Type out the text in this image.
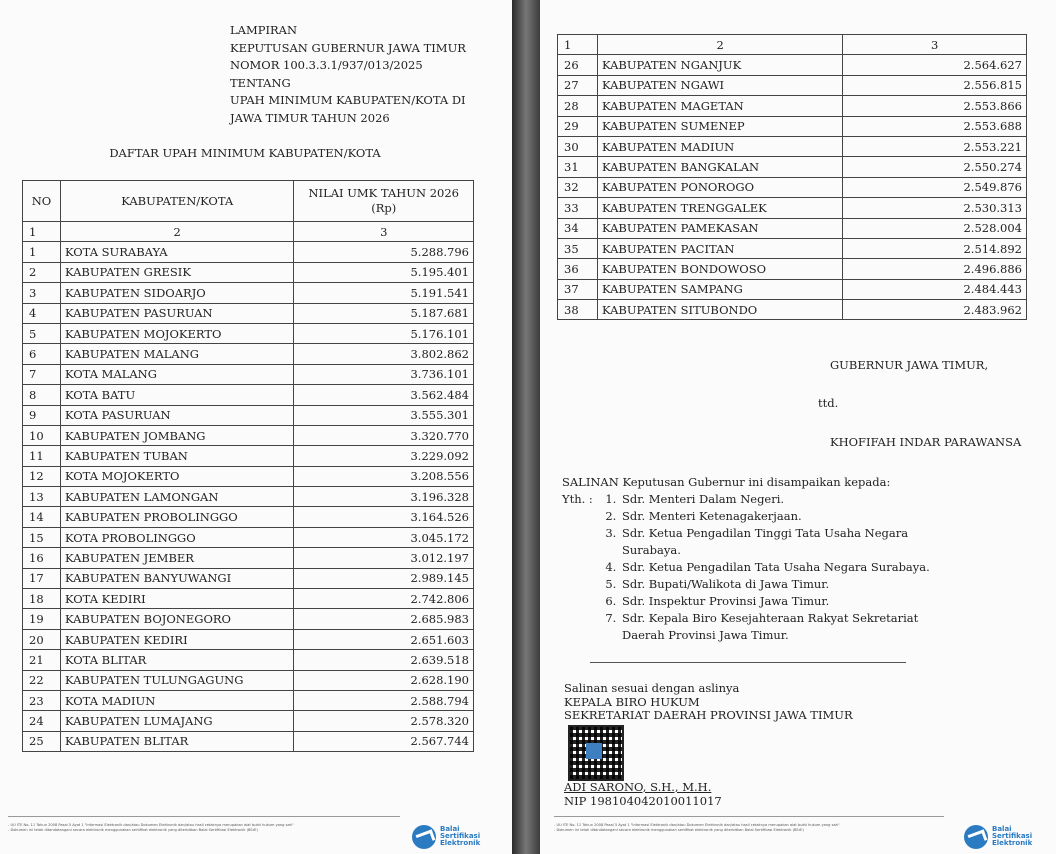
LAMPIRAN
KEPUTUSAN GUBERNUR JAWA TIMUR
NOMOR 100.3.3.1/937/013/2025
TENTANG
UPAH MINIMUM KABUPATEN/KOTA DI
JAWA TIMUR TAHUN 2026
DAFTAR UPAH MINIMUM KABUPATEN/KOTA
NO	KABUPATEN/KOTA	NILAI UMK TAHUN 2026
(Rp)

1	2	3
1	KOTA SURABAYA	5.288.796
2	KABUPATEN GRESIK	5.195.401
3	KABUPATEN SIDOARJO	5.191.541
4	KABUPATEN PASURUAN	5.187.681
5	KABUPATEN MOJOKERTO	5.176.101
6	KABUPATEN MALANG	3.802.862
7	KOTA MALANG	3.736.101
8	KOTA BATU	3.562.484
9	KOTA PASURUAN	3.555.301
10	KABUPATEN JOMBANG	3.320.770
11	KABUPATEN TUBAN	3.229.092
12	KOTA MOJOKERTO	3.208.556
13	KABUPATEN LAMONGAN	3.196.328
14	KABUPATEN PROBOLINGGO	3.164.526
15	KOTA PROBOLINGGO	3.045.172
16	KABUPATEN JEMBER	3.012.197
17	KABUPATEN BANYUWANGI	2.989.145
18	KOTA KEDIRI	2.742.806
19	KABUPATEN BOJONEGORO	2.685.983
20	KABUPATEN KEDIRI	2.651.603
21	KOTA BLITAR	2.639.518
22	KABUPATEN TULUNGAGUNG	2.628.190
23	KOTA MADIUN	2.588.794
24	KABUPATEN LUMAJANG	2.578.320
25	KABUPATEN BLITAR	2.567.744
- UU ITE No. 11 Tahun 2008 Pasal 5 Ayat 1 "Informasi Elektronik dan/atau Dokumen Elektronik dan/atau hasil cetaknya merupakan alat bukti hukum yang sah"
- Dokumen ini telah ditandatangani secara elektronik menggunakan sertifikat elektronik yang diterbitkan Balai Sertifikasi Elektronik (BSrE)	Balai
Sertifikasi
Elektronik
1	2	3
26	KABUPATEN NGANJUK	2.564.627
27	KABUPATEN NGAWI	2.556.815
28	KABUPATEN MAGETAN	2.553.866
29	KABUPATEN SUMENEP	2.553.688
30	KABUPATEN MADIUN	2.553.221
31	KABUPATEN BANGKALAN	2.550.274
32	KABUPATEN PONOROGO	2.549.876
33	KABUPATEN TRENGGALEK	2.530.313
34	KABUPATEN PAMEKASAN	2.528.004
35	KABUPATEN PACITAN	2.514.892
36	KABUPATEN BONDOWOSO	2.496.886
37	KABUPATEN SAMPANG	2.484.443
38	KABUPATEN SITUBONDO	2.483.962
GUBERNUR JAWA TIMUR,
ttd.
KHOFIFAH INDAR PARAWANSA
SALINAN Keputusan Gubernur ini disampaikan kepada:
Yth. :	1. Sdr. Menteri Dalam Negeri.
2. Sdr. Menteri Ketenagakerjaan.
3. Sdr. Ketua Pengadilan Tinggi Tata Usaha Negara Surabaya.
4. Sdr. Ketua Pengadilan Tata Usaha Negara Surabaya.
5. Sdr. Bupati/Walikota di Jawa Timur.
6. Sdr. Inspektur Provinsi Jawa Timur.
7. Sdr. Kepala Biro Kesejahteraan Rakyat Sekretariat Daerah Provinsi Jawa Timur.
Salinan sesuai dengan aslinya
KEPALA BIRO HUKUM
SEKRETARIAT DAERAH PROVINSI JAWA TIMUR
ADI SARONO, S.H., M.H.
NIP 198104042010011017
- UU ITE No. 11 Tahun 2008 Pasal 5 Ayat 1 "Informasi Elektronik dan/atau Dokumen Elektronik dan/atau hasil cetaknya merupakan alat bukti hukum yang sah"
- Dokumen ini telah ditandatangani secara elektronik menggunakan sertifikat elektronik yang diterbitkan Balai Sertifikasi Elektronik (BSrE)	Balai
Sertifikasi
Elektronik
